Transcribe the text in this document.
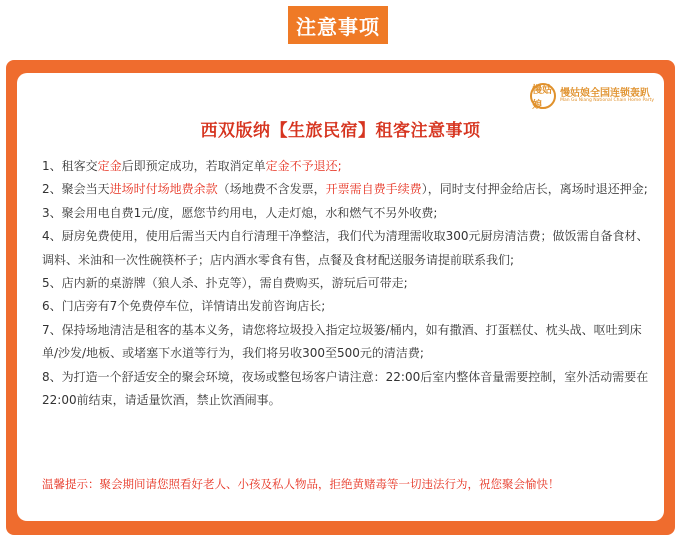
注意事项
慢姑娘
慢姑娘全国连锁轰趴
Man Gu Niang National Chain Home Party
西双版纳【生旅民宿】租客注意事项

1、租客交定金后即预定成功，若取消定单定金不予退还;

2、聚会当天进场时付场地费余款（场地费不含发票，开票需自费手续费），同时支付押金给店长，离场时退还押金;

3、聚会用电自费1元/度，愿您节约用电，人走灯熄，水和燃气不另外收费;

4、厨房免费使用，使用后需当天内自行清理干净整洁，我们代为清理需收取300元厨房清洁费；做饭需自备食材、调料、米油和一次性碗筷杯子；店内酒水零食有售，点餐及食材配送服务请提前联系我们;

5、店内新的桌游牌（狼人杀、扑克等），需自费购买，游玩后可带走;

6、门店旁有7个免费停车位，详情请出发前咨询店长;

7、保持场地清洁是租客的基本义务，请您将垃圾投入指定垃圾篓/桶内，如有撒酒、打蛋糕仗、枕头战、呕吐到床单/沙发/地板、或堵塞下水道等行为，我们将另收300至500元的清洁费;

8、为打造一个舒适安全的聚会环境，夜场或整包场客户请注意：22:00后室内整体音量需要控制，室外活动需要在22:00前结束，请适量饮酒，禁止饮酒闹事。

温馨提示：聚会期间请您照看好老人、小孩及私人物品，拒绝黄赌毒等一切违法行为，祝您聚会愉快！
